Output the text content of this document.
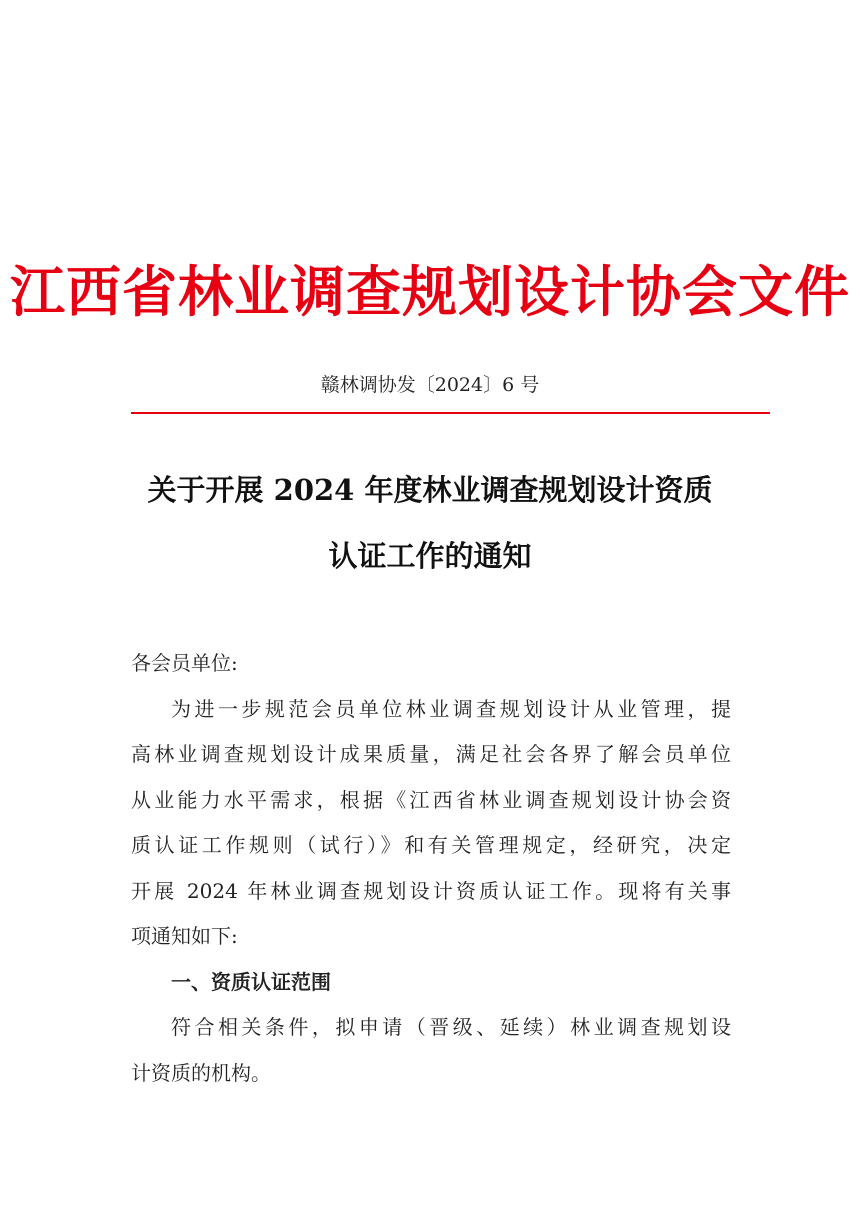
江西省林业调查规划设计协会文件
赣林调协发〔2024〕6 号
关于开展 2024 年度林业调查规划设计资质
认证工作的通知

各会员单位:

为进一步规范会员单位林业调查规划设计从业管理，提
高林业调查规划设计成果质量，满足社会各界了解会员单位
从业能力水平需求，根据《江西省林业调查规划设计协会资
质认证工作规则（试行）》和有关管理规定，经研究，决定
开展 2024 年林业调查规划设计资质认证工作。现将有关事
项通知如下:

一、资质认证范围

符合相关条件，拟申请（晋级、延续）林业调查规划设
计资质的机构。
